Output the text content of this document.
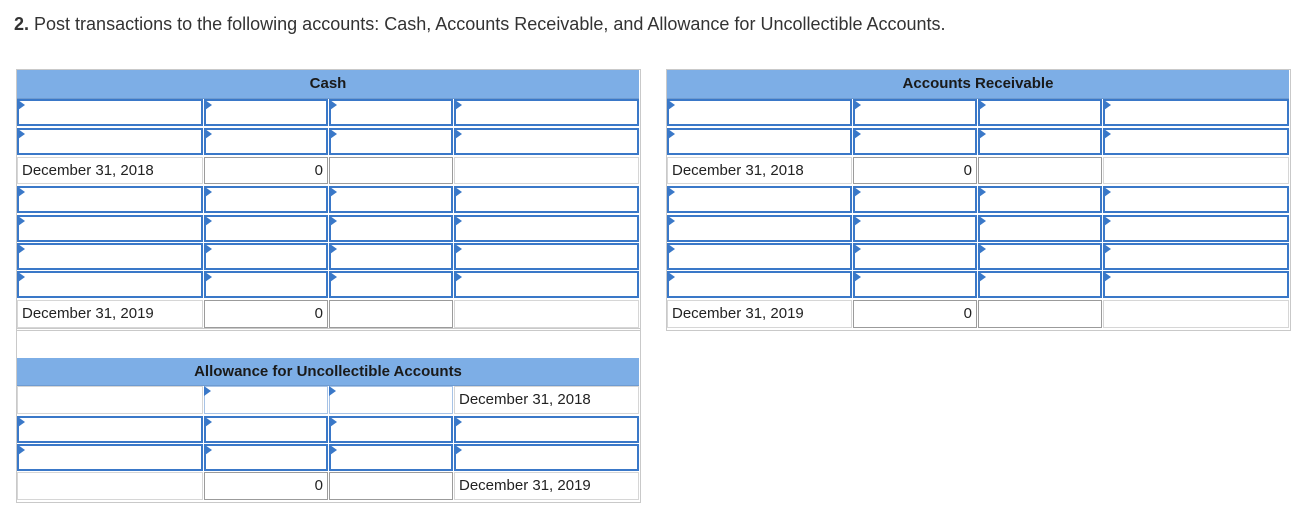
2. Post transactions to the following accounts: Cash, Accounts Receivable, and Allowance for Uncollectible Accounts.
Cash
December 31, 2018	0
December 31, 2019	0
Accounts Receivable
December 31, 2018	0
December 31, 2019	0
Allowance for Uncollectible Accounts
December 31, 2018
0	December 31, 2019
